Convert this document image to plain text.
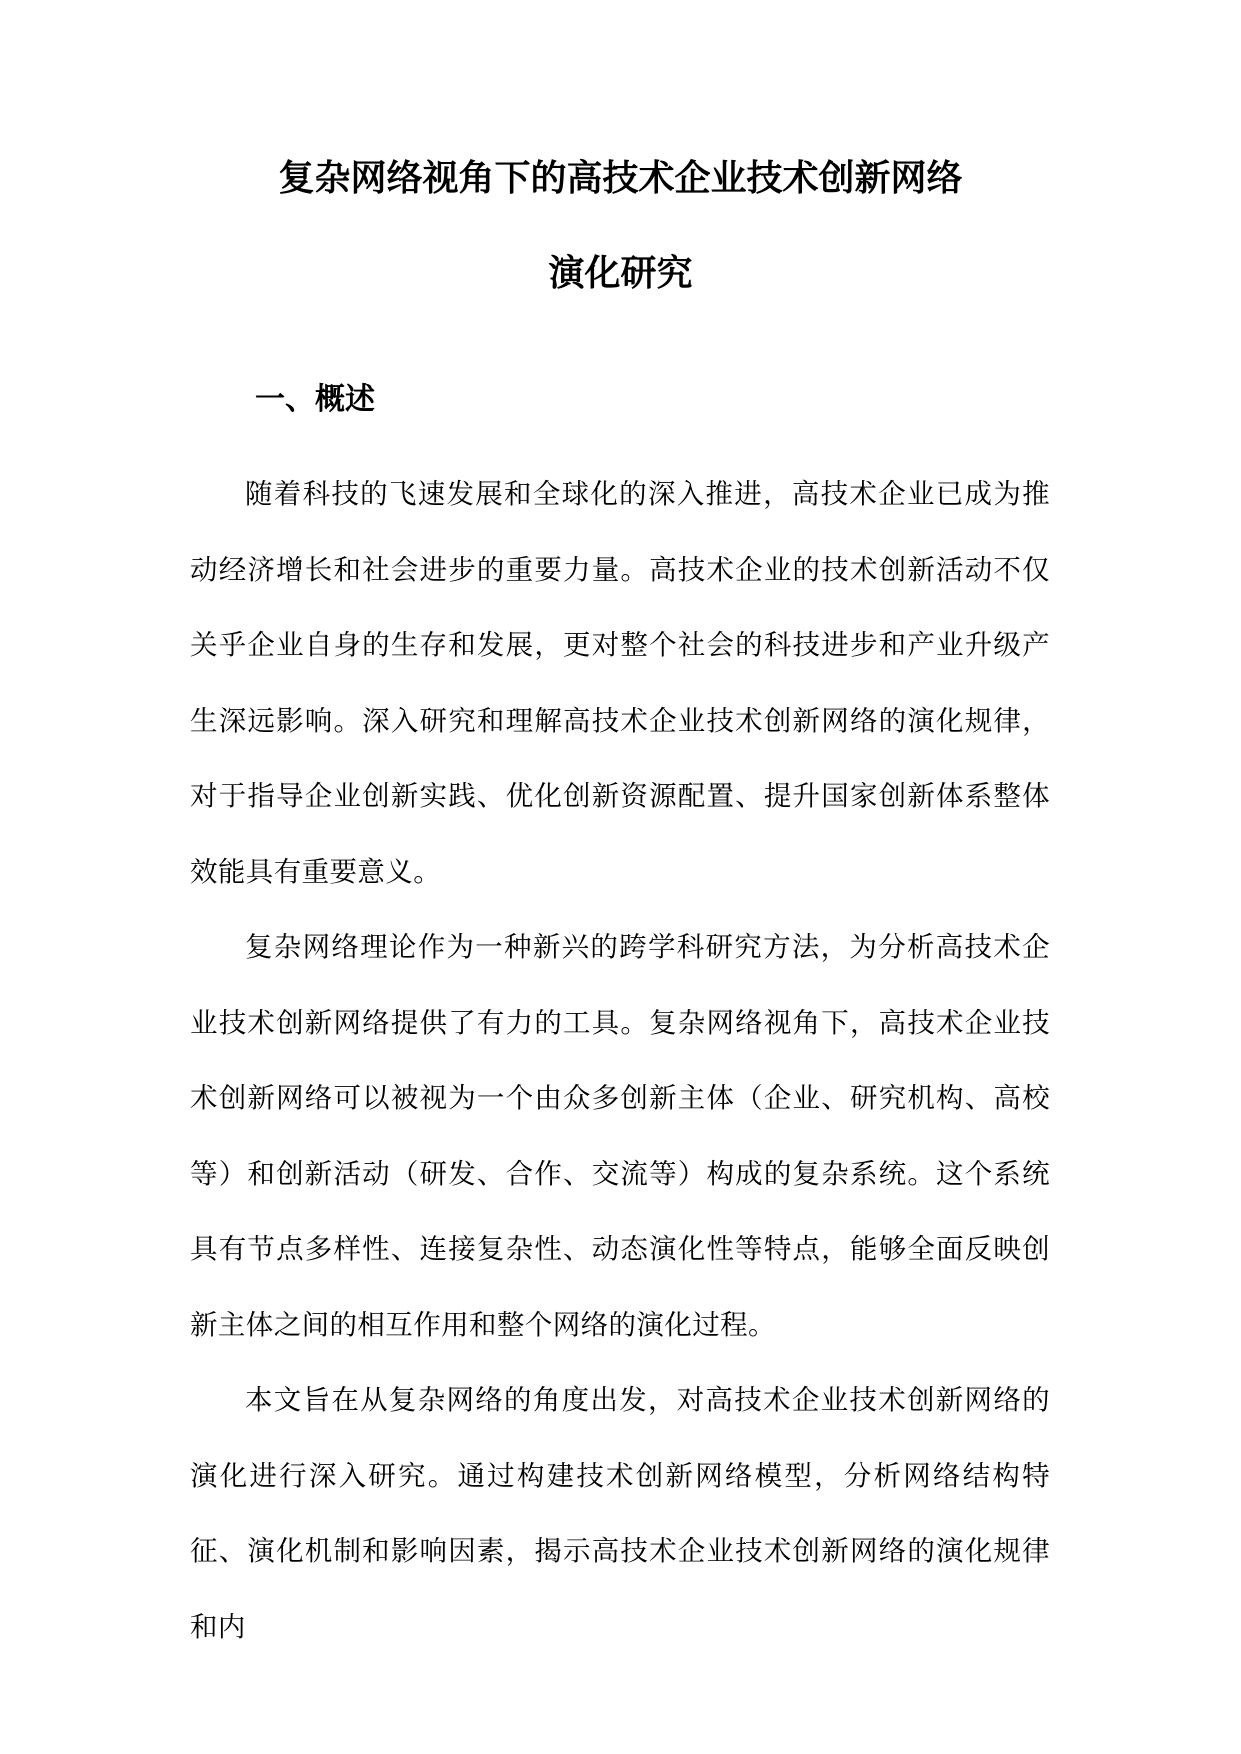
复杂网络视角下的高技术企业技术创新网络
演化研究
一、概述

随着科技的飞速发展和全球化的深入推进，高技术企业已成为推动经济增长和社会进步的重要力量。高技术企业的技术创新活动不仅关乎企业自身的生存和发展，更对整个社会的科技进步和产业升级产生深远影响。深入研究和理解高技术企业技术创新网络的演化规律，对于指导企业创新实践、优化创新资源配置、提升国家创新体系整体效能具有重要意义。

复杂网络理论作为一种新兴的跨学科研究方法，为分析高技术企业技术创新网络提供了有力的工具。复杂网络视角下，高技术企业技术创新网络可以被视为一个由众多创新主体（企业、研究机构、高校等）和创新活动（研发、合作、交流等）构成的复杂系统。这个系统具有节点多样性、连接复杂性、动态演化性等特点，能够全面反映创新主体之间的相互作用和整个网络的演化过程。

本文旨在从复杂网络的角度出发，对高技术企业技术创新网络的演化进行深入研究。通过构建技术创新网络模型，分析网络结构特征、演化机制和影响因素，揭示高技术企业技术创新网络的演化规律和内
